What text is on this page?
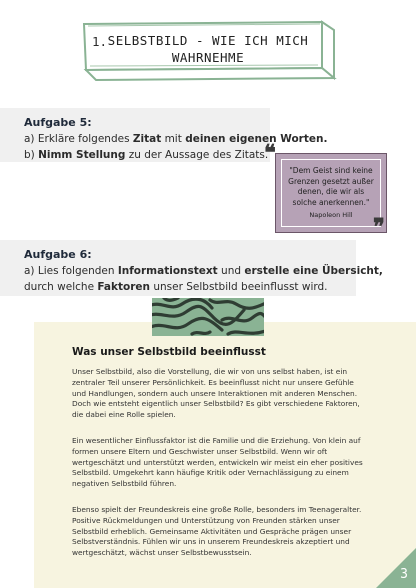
1. SELBSTBILD - WIE ICH MICH WAHRNEHME
Aufgabe 5:
a) Erkläre folgendes Zitat mit deinen eigenen Worten.
b) Nimm Stellung zu der Aussage des Zitats.
"Dem Geist sind keine Grenzen gesetzt außer denen, die wir als solche anerkennen."
Napoleon Hill
❝
❞
Aufgabe 6:
a) Lies folgenden Informationstext und erstelle eine Übersicht,
durch welche Faktoren unser Selbstbild beeinflusst wird.
Was unser Selbstbild beeinflusst
Unser Selbstbild, also die Vorstellung, die wir von uns selbst haben, ist ein zentraler Teil unserer Persönlichkeit. Es beeinflusst nicht nur unsere Gefühle und Handlungen, sondern auch unsere Interaktionen mit anderen Menschen. Doch wie entsteht eigentlich unser Selbstbild? Es gibt verschiedene Faktoren, die dabei eine Rolle spielen.
Ein wesentlicher Einflussfaktor ist die Familie und die Erziehung. Von klein auf formen unsere Eltern und Geschwister unser Selbstbild. Wenn wir oft wertgeschätzt und unterstützt werden, entwickeln wir meist ein eher positives Selbstbild. Umgekehrt kann häufige Kritik oder Vernachlässigung zu einem negativen Selbstbild führen.
Ebenso spielt der Freundeskreis eine große Rolle, besonders im Teenageralter. Positive Rückmeldungen und Unterstützung von Freunden stärken unser Selbstbild erheblich. Gemeinsame Aktivitäten und Gespräche prägen unser Selbstverständnis. Fühlen wir uns in unserem Freundeskreis akzeptiert und wertgeschätzt, wächst unser Selbstbewusstsein.
3
